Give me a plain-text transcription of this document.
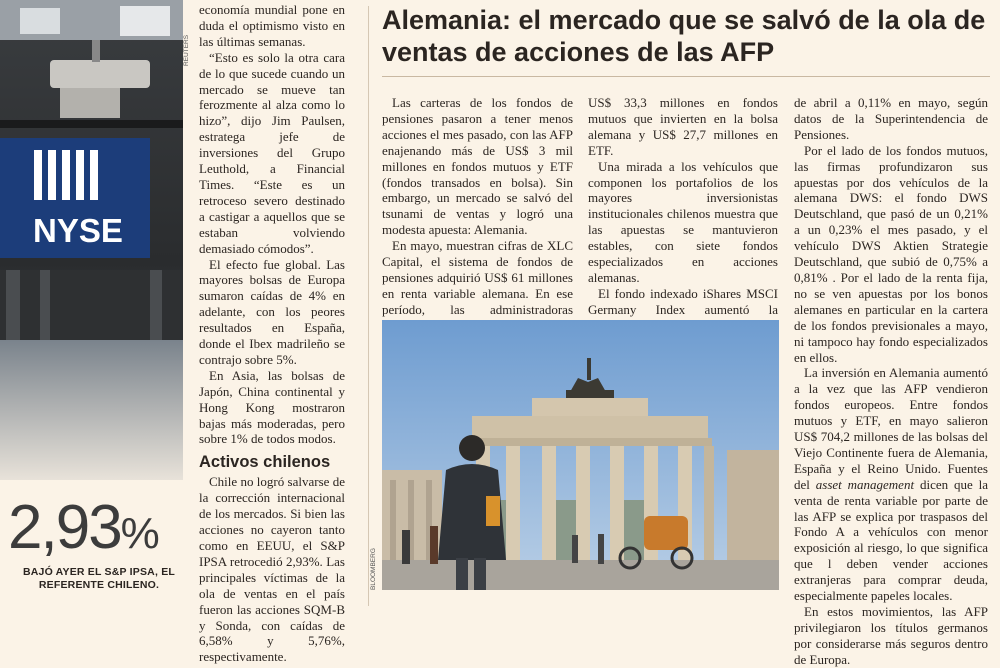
NYSE
REUTERS
2,93%
BAJÓ AYER EL S&P IPSA, EL REFERENTE CHILENO.

economía mundial pone en duda el optimismo visto en las últimas semanas.

“Esto es solo la otra cara de lo que sucede cuando un mercado se mueve tan ferozmente al alza como lo hizo”, dijo Jim Paulsen, estratega jefe de inversiones del Grupo Leuthold, a Financial Times. “Este es un retroceso severo destinado a castigar a aquellos que se estaban volviendo demasiado cómodos”.

El efecto fue global. Las mayores bolsas de Europa sumaron caídas de 4% en adelante, con los peores resultados en España, donde el Ibex madrileño se contrajo sobre 5%.

En Asia, las bolsas de Japón, China continental y Hong Kong mostraron bajas más moderadas, pero sobre 1% de todos modos.

Activos chilenos

Chile no logró salvarse de la corrección internacional de los mercados. Si bien las acciones no cayeron tanto como en EEUU, el S&P IPSA retrocedió 2,93%. Las principales víctimas de la ola de ventas en el país fueron las acciones SQM-B y Sonda, con caídas de 6,58% y 5,76%, respectivamente.

Alemania: el mercado que se salvó de la ola de ventas de acciones de las AFP

Las carteras de los fondos de pensiones pasaron a tener menos acciones el mes pasado, con las AFP enajenando más de US$ 3 mil millones en fondos mutuos y ETF (fondos transados en bolsa). Sin embargo, un mercado se salvó del tsunami de ventas y logró una modesta apuesta: Alemania.

En mayo, muestran cifras de XLC Capital, el sistema de fondos de pensiones adquirió US$ 61 millones en renta variable alemana. En ese período, las administradoras

US$ 33,3 millones en fondos mutuos que invierten en la bolsa alemana y US$ 27,7 millones en ETF.

Una mirada a los vehículos que componen los portafolios de los mayores inversionistas institucionales chilenos muestra que las apuestas se mantuvieron estables, con siete fondos especializados en acciones alemanas.

El fondo indexado iShares MSCI Germany Index aumentó la

de abril a 0,11% en mayo, según datos de la Superintendencia de Pensiones.

Por el lado de los fondos mutuos, las firmas profundizaron sus apuestas por dos vehículos de la alemana DWS: el fondo DWS Deutschland, que pasó de un 0,21% a un 0,23% el mes pasado, y el vehículo DWS Aktien Strategie Deutschland, que subió de 0,75% a 0,81% . Por el lado de la renta fija, no se ven apuestas por los bonos alemanes en particular en la cartera de los fondos previsionales a mayo, ni tampoco hay fondo especializados en ellos.

La inversión en Alemania aumentó a la vez que las AFP vendieron fondos europeos. Entre fondos mutuos y ETF, en mayo salieron US$ 704,2 millones de las bolsas del Viejo Continente fuera de Alemania, España y el Reino Unido. Fuentes del asset management dicen que la venta de renta variable por parte de las AFP se explica por traspasos del Fondo A a vehículos con menor exposición al riesgo, lo que significa que l deben vender acciones extranjeras para comprar deuda, especialmente papeles locales.

En estos movimientos, las AFP privilegiaron los títulos germanos por considerarse más seguros dentro de Europa.

BLOOMBERG
